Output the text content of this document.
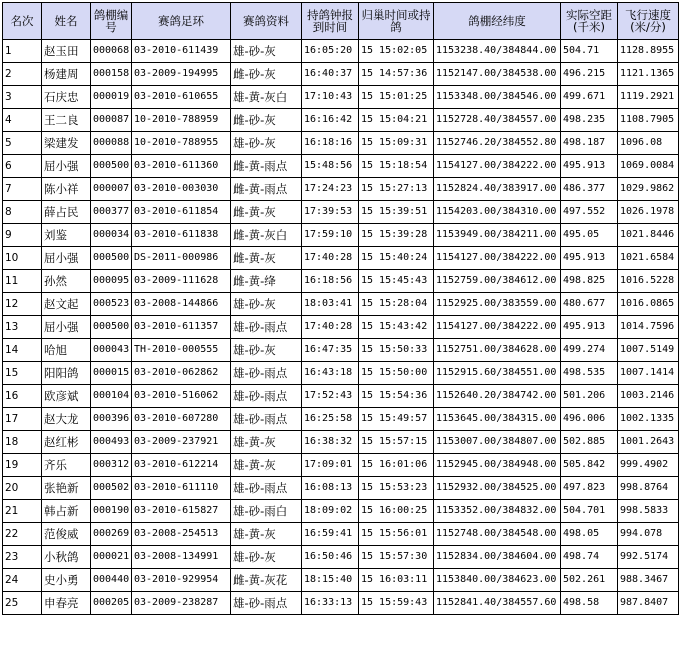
名次	姓名	鸽棚编号	赛鸽足环	赛鸽资料	持鸽钟报到时间	归巢时间或持鸽	鸽棚经纬度	实际空距(千米)	飞行速度(米/分)
1	赵玉田	000068	03-2010-611439	雄-砂-灰	16:05:20	15 15:02:05	1153238.40/384844.00	504.71	1128.8955
2	杨建周	000158	03-2009-194995	雌-砂-灰	16:40:37	15 14:57:36	1152147.00/384538.00	496.215	1121.1365
3	石庆忠	000019	03-2010-610655	雄-黄-灰白	17:10:43	15 15:01:25	1153348.00/384546.00	499.671	1119.2921
4	王二良	000087	10-2010-788959	雌-砂-灰	16:16:42	15 15:04:21	1152728.40/384557.00	498.235	1108.7905
5	梁建发	000088	10-2010-788955	雄-砂-灰	16:18:16	15 15:09:31	1152746.20/384552.80	498.187	1096.08
6	屈小强	000500	03-2010-611360	雌-黄-雨点	15:48:56	15 15:18:54	1154127.00/384222.00	495.913	1069.0084
7	陈小祥	000007	03-2010-003030	雌-黄-雨点	17:24:23	15 15:27:13	1152824.40/383917.00	486.377	1029.9862
8	薛占民	000377	03-2010-611854	雌-黄-灰	17:39:53	15 15:39:51	1154203.00/384310.00	497.552	1026.1978
9	刘鉴	000034	03-2010-611838	雌-黄-灰白	17:59:10	15 15:39:28	1153949.00/384211.00	495.05	1021.8446
10	屈小强	000500	DS-2011-000986	雌-黄-灰	17:40:28	15 15:40:24	1154127.00/384222.00	495.913	1021.6584
11	孙然	000095	03-2009-111628	雌-黄-绛	16:18:56	15 15:45:43	1152759.00/384612.00	498.825	1016.5228
12	赵文起	000523	03-2008-144866	雄-砂-灰	18:03:41	15 15:28:04	1152925.00/383559.00	480.677	1016.0865
13	屈小强	000500	03-2010-611357	雄-砂-雨点	17:40:28	15 15:43:42	1154127.00/384222.00	495.913	1014.7596
14	哈旭	000043	TH-2010-000555	雄-砂-灰	16:47:35	15 15:50:33	1152751.00/384628.00	499.274	1007.5149
15	阳阳鸽	000015	03-2010-062862	雄-砂-雨点	16:43:18	15 15:50:00	1152915.60/384551.00	498.535	1007.1414
16	欧彦斌	000104	03-2010-516062	雄-砂-雨点	17:52:43	15 15:54:36	1152640.20/384742.00	501.206	1003.2146
17	赵大龙	000396	03-2010-607280	雄-砂-雨点	16:25:58	15 15:49:57	1153645.00/384315.00	496.006	1002.1335
18	赵红彬	000493	03-2009-237921	雄-黄-灰	16:38:32	15 15:57:15	1153007.00/384807.00	502.885	1001.2643
19	齐乐	000312	03-2010-612214	雄-黄-灰	17:09:01	15 16:01:06	1152945.00/384948.00	505.842	999.4902
20	张艳新	000502	03-2010-611110	雄-砂-雨点	16:08:13	15 15:53:23	1152932.00/384525.00	497.823	998.8764
21	韩占新	000190	03-2010-615827	雄-砂-雨白	18:09:02	15 16:00:25	1153352.00/384832.00	504.701	998.5833
22	范俊威	000269	03-2008-254513	雄-黄-灰	16:59:41	15 15:56:01	1152748.00/384548.00	498.05	994.078
23	小秋鸽	000021	03-2008-134991	雄-砂-灰	16:50:46	15 15:57:30	1152834.00/384604.00	498.74	992.5174
24	史小勇	000440	03-2010-929954	雌-黄-灰花	18:15:40	15 16:03:11	1153840.00/384623.00	502.261	988.3467
25	申春亮	000205	03-2009-238287	雄-砂-雨点	16:33:13	15 15:59:43	1152841.40/384557.60	498.58	987.8407
